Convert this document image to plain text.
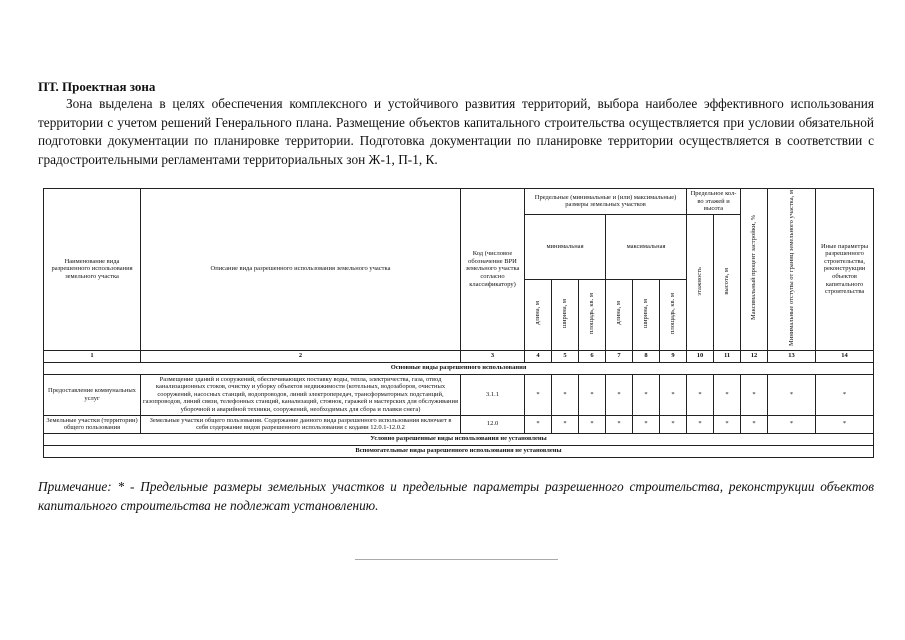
ПТ. Проектная зона
Зона выделена в целях обеспечения комплексного и устойчивого развития территорий, выбора наиболее эффективного использования территории с учетом решений Генерального плана. Размещение объектов капитального строительства осуществляется при условии обязательной подготовки документации по планировке территории. Подготовка документации по планировке территории осуществляется в соответствии с градостроительными регламентами территориальных зон Ж-1, П-1, К.
Наименование вида разрешенного использования земельного участка	Описание вида разрешенного использования земельного участка	Код (числовое обозначение ВРИ земельного участка согласно классификатору)	Предельные (минимальные и (или) максимальные) размеры земельных участков						Предельное кол-во этажей и высота		Максимальный процент застройки, %	Минимальные отступы от границ земельного участка, м	Иные параметры разрешенного строительства, реконструкции объектов капитального строительства
			минимальная			максимальная			этажность	высота, м			
			длина, м	ширина, м	площадь, кв. м	длина, м	ширина, м	площадь, кв. м					
1	2	3	4	5	6	7	8	9	10	11	12	13	14
Основные виды разрешенного использования													
Предоставление коммунальных услуг	Размещение зданий и сооружений, обеспечивающих поставку воды, тепла, электричества, газа, отвод канализационных стоков, очистку и уборку объектов недвижимости (котельных, водозаборов, очистных сооружений, насосных станций, водопроводов, линий электропередач, трансформаторных подстанций, газопроводов, линий связи, телефонных станций, канализаций, стоянок, гаражей и мастерских для обслуживания уборочной и аварийной техники, сооружений, необходимых для сбора и плавки снега)	3.1.1	*	*	*	*	*	*	*	*	*	*	*
Земельные участки (территории) общего пользования	Земельные участки общего пользования. Содержание данного вида разрешенного использования включает в себя содержание видов разрешенного использования с кодами 12.0.1-12.0.2	12.0	*	*	*	*	*	*	*	*	*	*	*
Условно разрешенные виды использования не установлены													
Вспомогательные виды разрешенного использования не установлены													
Примечание: * - Предельные размеры земельных участков и предельные параметры разрешенного строительства, реконструкции объектов капитального строительства не подлежат установлению.
